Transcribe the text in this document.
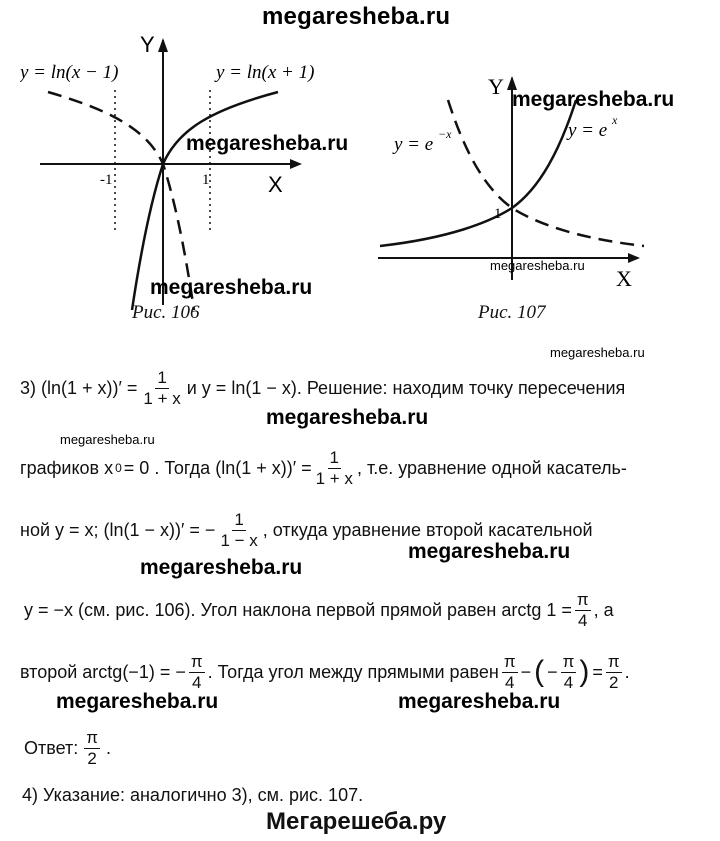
megaresheba.ru
Y
X
-1	1
y = ln(x − 1)	y = ln(x + 1)
megaresheba.ru
megaresheba.ru
Рис. 106
Y
X
1
y = e −x	y = e x
megaresheba.ru
megaresheba.ru
Рис. 107
megaresheba.ru
3) $(\ln(1 + x))' = \frac{1}{1 + x}$ и y = ln(1 − x). Решение: находим точку пересечения
megaresheba.ru
megaresheba.ru
графиков x 0 = 0 . Тогда $(\ln(1 + x))' = \frac{1}{1 + x}$ , т.е. уравнение одной касатель-
ной y = x; (ln(1 − x))′ = − $\frac{1}{1 - x}$ , откуда уравнение второй касательной
megaresheba.ru
megaresheba.ru
y = −x (см. рис. 106). Угол наклона первой прямой равен arctg $1 = \frac{\pi}{4}$ , а
второй arctg(−1) = − $\frac{\pi}{4}$ . Тогда угол между прямыми равен $\frac{\pi}{4}$ − ( − $\frac{\pi}{4}$ ) = $\frac{\pi}{2}$ .
megaresheba.ru	megaresheba.ru
Ответ: $\frac{\pi}{2}$ .
4) Указание: аналогично 3), см. рис. 107.
Мегарешеба.ру
